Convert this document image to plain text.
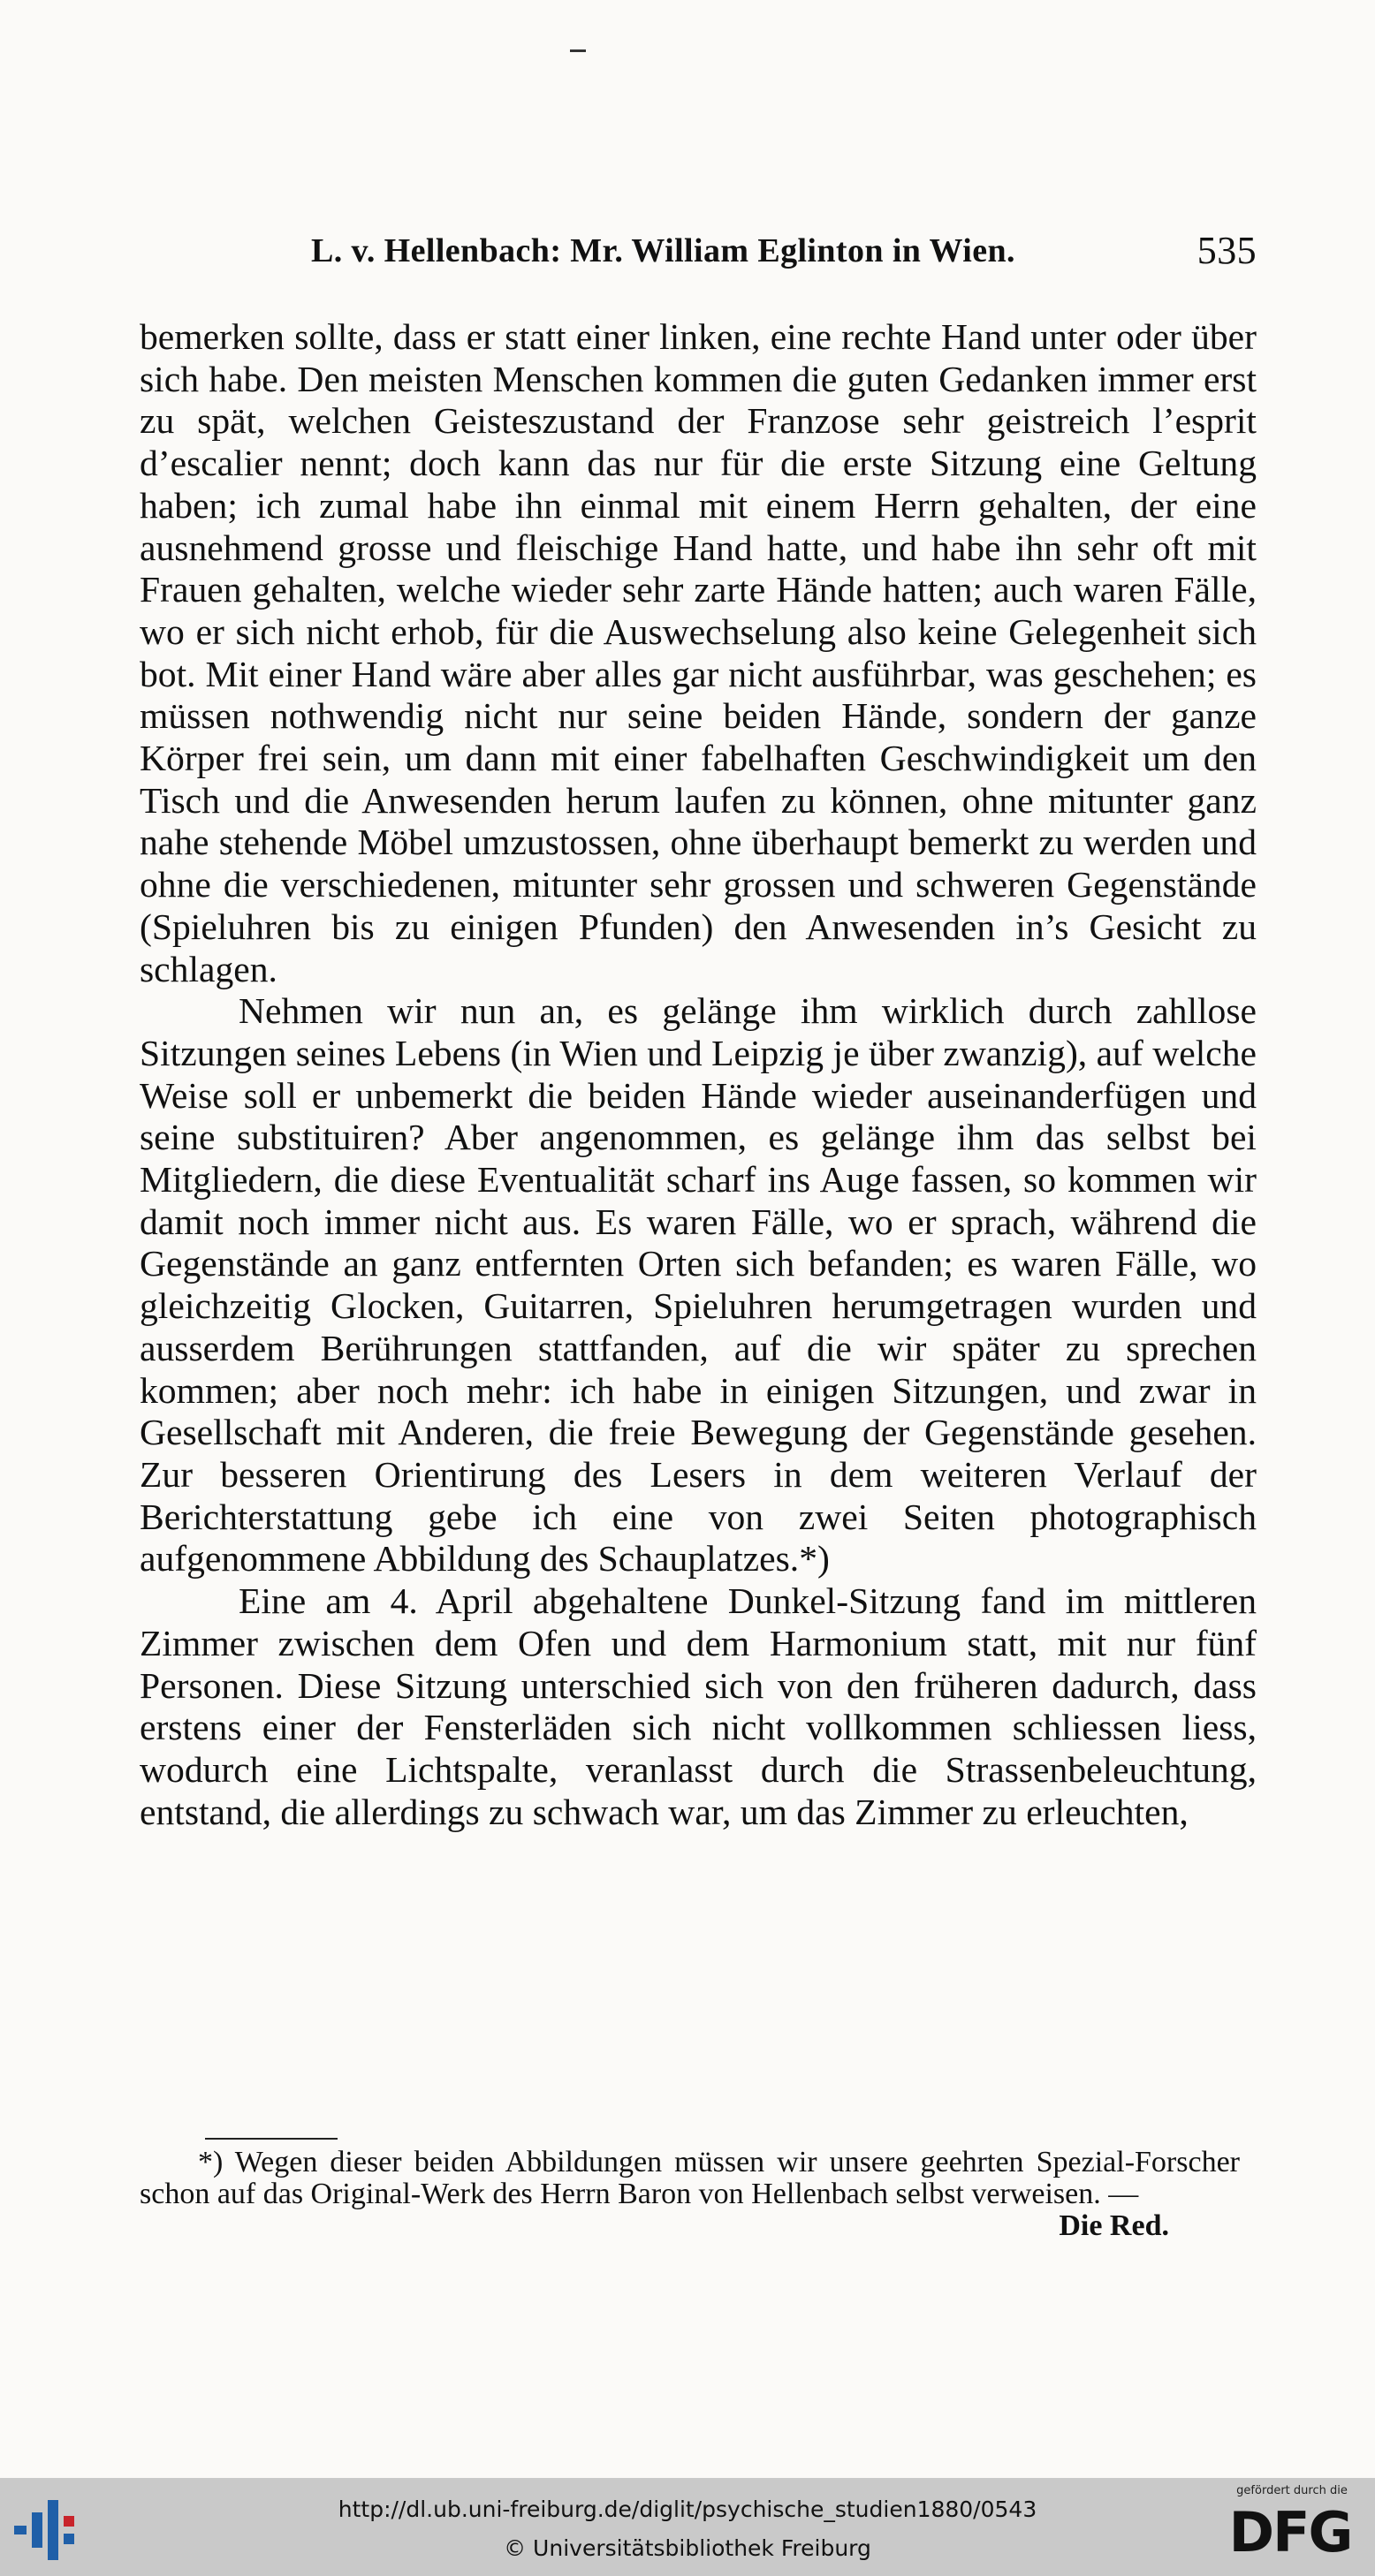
L. v. Hellenbach: Mr. William Eglinton in Wien.	535

bemerken sollte, dass er statt einer linken, eine rechte Hand unter oder über sich habe. Den meisten Menschen kommen die guten Gedanken immer erst zu spät, welchen Geisteszustand der Franzose sehr geistreich l’esprit d’escalier nennt; doch kann das nur für die erste Sitzung eine Geltung haben; ich zumal habe ihn einmal mit einem Herrn gehalten, der eine ausnehmend grosse und fleischige Hand hatte, und habe ihn sehr oft mit Frauen gehalten, welche wieder sehr zarte Hände hatten; auch waren Fälle, wo er sich nicht erhob, für die Auswechselung also keine Gelegenheit sich bot. Mit einer Hand wäre aber alles gar nicht ausführbar, was geschehen; es müssen nothwendig nicht nur seine beiden Hände, sondern der ganze Körper frei sein, um dann mit einer fabelhaften Geschwindigkeit um den Tisch und die Anwesenden herum laufen zu können, ohne mitunter ganz nahe stehende Möbel umzustossen, ohne überhaupt bemerkt zu werden und ohne die verschiedenen, mitunter sehr grossen und schweren Gegenstände (Spieluhren bis zu einigen Pfunden) den Anwesenden in’s Gesicht zu schlagen.

Nehmen wir nun an, es gelänge ihm wirklich durch zahllose Sitzungen seines Lebens (in Wien und Leipzig je über zwanzig), auf welche Weise soll er unbemerkt die beiden Hände wieder auseinanderfügen und seine substituiren? Aber angenommen, es gelänge ihm das selbst bei Mitgliedern, die diese Eventualität scharf ins Auge fassen, so kommen wir damit noch immer nicht aus. Es waren Fälle, wo er sprach, während die Gegenstände an ganz entfernten Orten sich befanden; es waren Fälle, wo gleichzeitig Glocken, Guitarren, Spieluhren herumgetragen wurden und ausserdem Berührungen stattfanden, auf die wir später zu sprechen kommen; aber noch mehr: ich habe in einigen Sitzungen, und zwar in Gesellschaft mit Anderen, die freie Bewegung der Gegenstände gesehen. Zur besseren Orientirung des Lesers in dem weiteren Verlauf der Berichterstattung gebe ich eine von zwei Seiten photographisch aufgenommene Abbildung des Schauplatzes.*)

Eine am 4. April abgehaltene Dunkel-Sitzung fand im mittleren Zimmer zwischen dem Ofen und dem Harmonium statt, mit nur fünf Personen. Diese Sitzung unterschied sich von den früheren dadurch, dass erstens einer der Fensterläden sich nicht vollkommen schliessen liess, wodurch eine Lichtspalte, veranlasst durch die Strassenbeleuchtung, entstand, die allerdings zu schwach war, um das Zimmer zu erleuchten,

*) Wegen dieser beiden Abbildungen müssen wir unsere geehrten Spezial-Forscher schon auf das Original-Werk des Herrn Baron von Hellenbach selbst verweisen. —
Die Red.

http://dl.ub.uni-freiburg.de/diglit/psychische_studien1880/0543
© Universitätsbibliothek Freiburg
gefördert durch die
DFG
